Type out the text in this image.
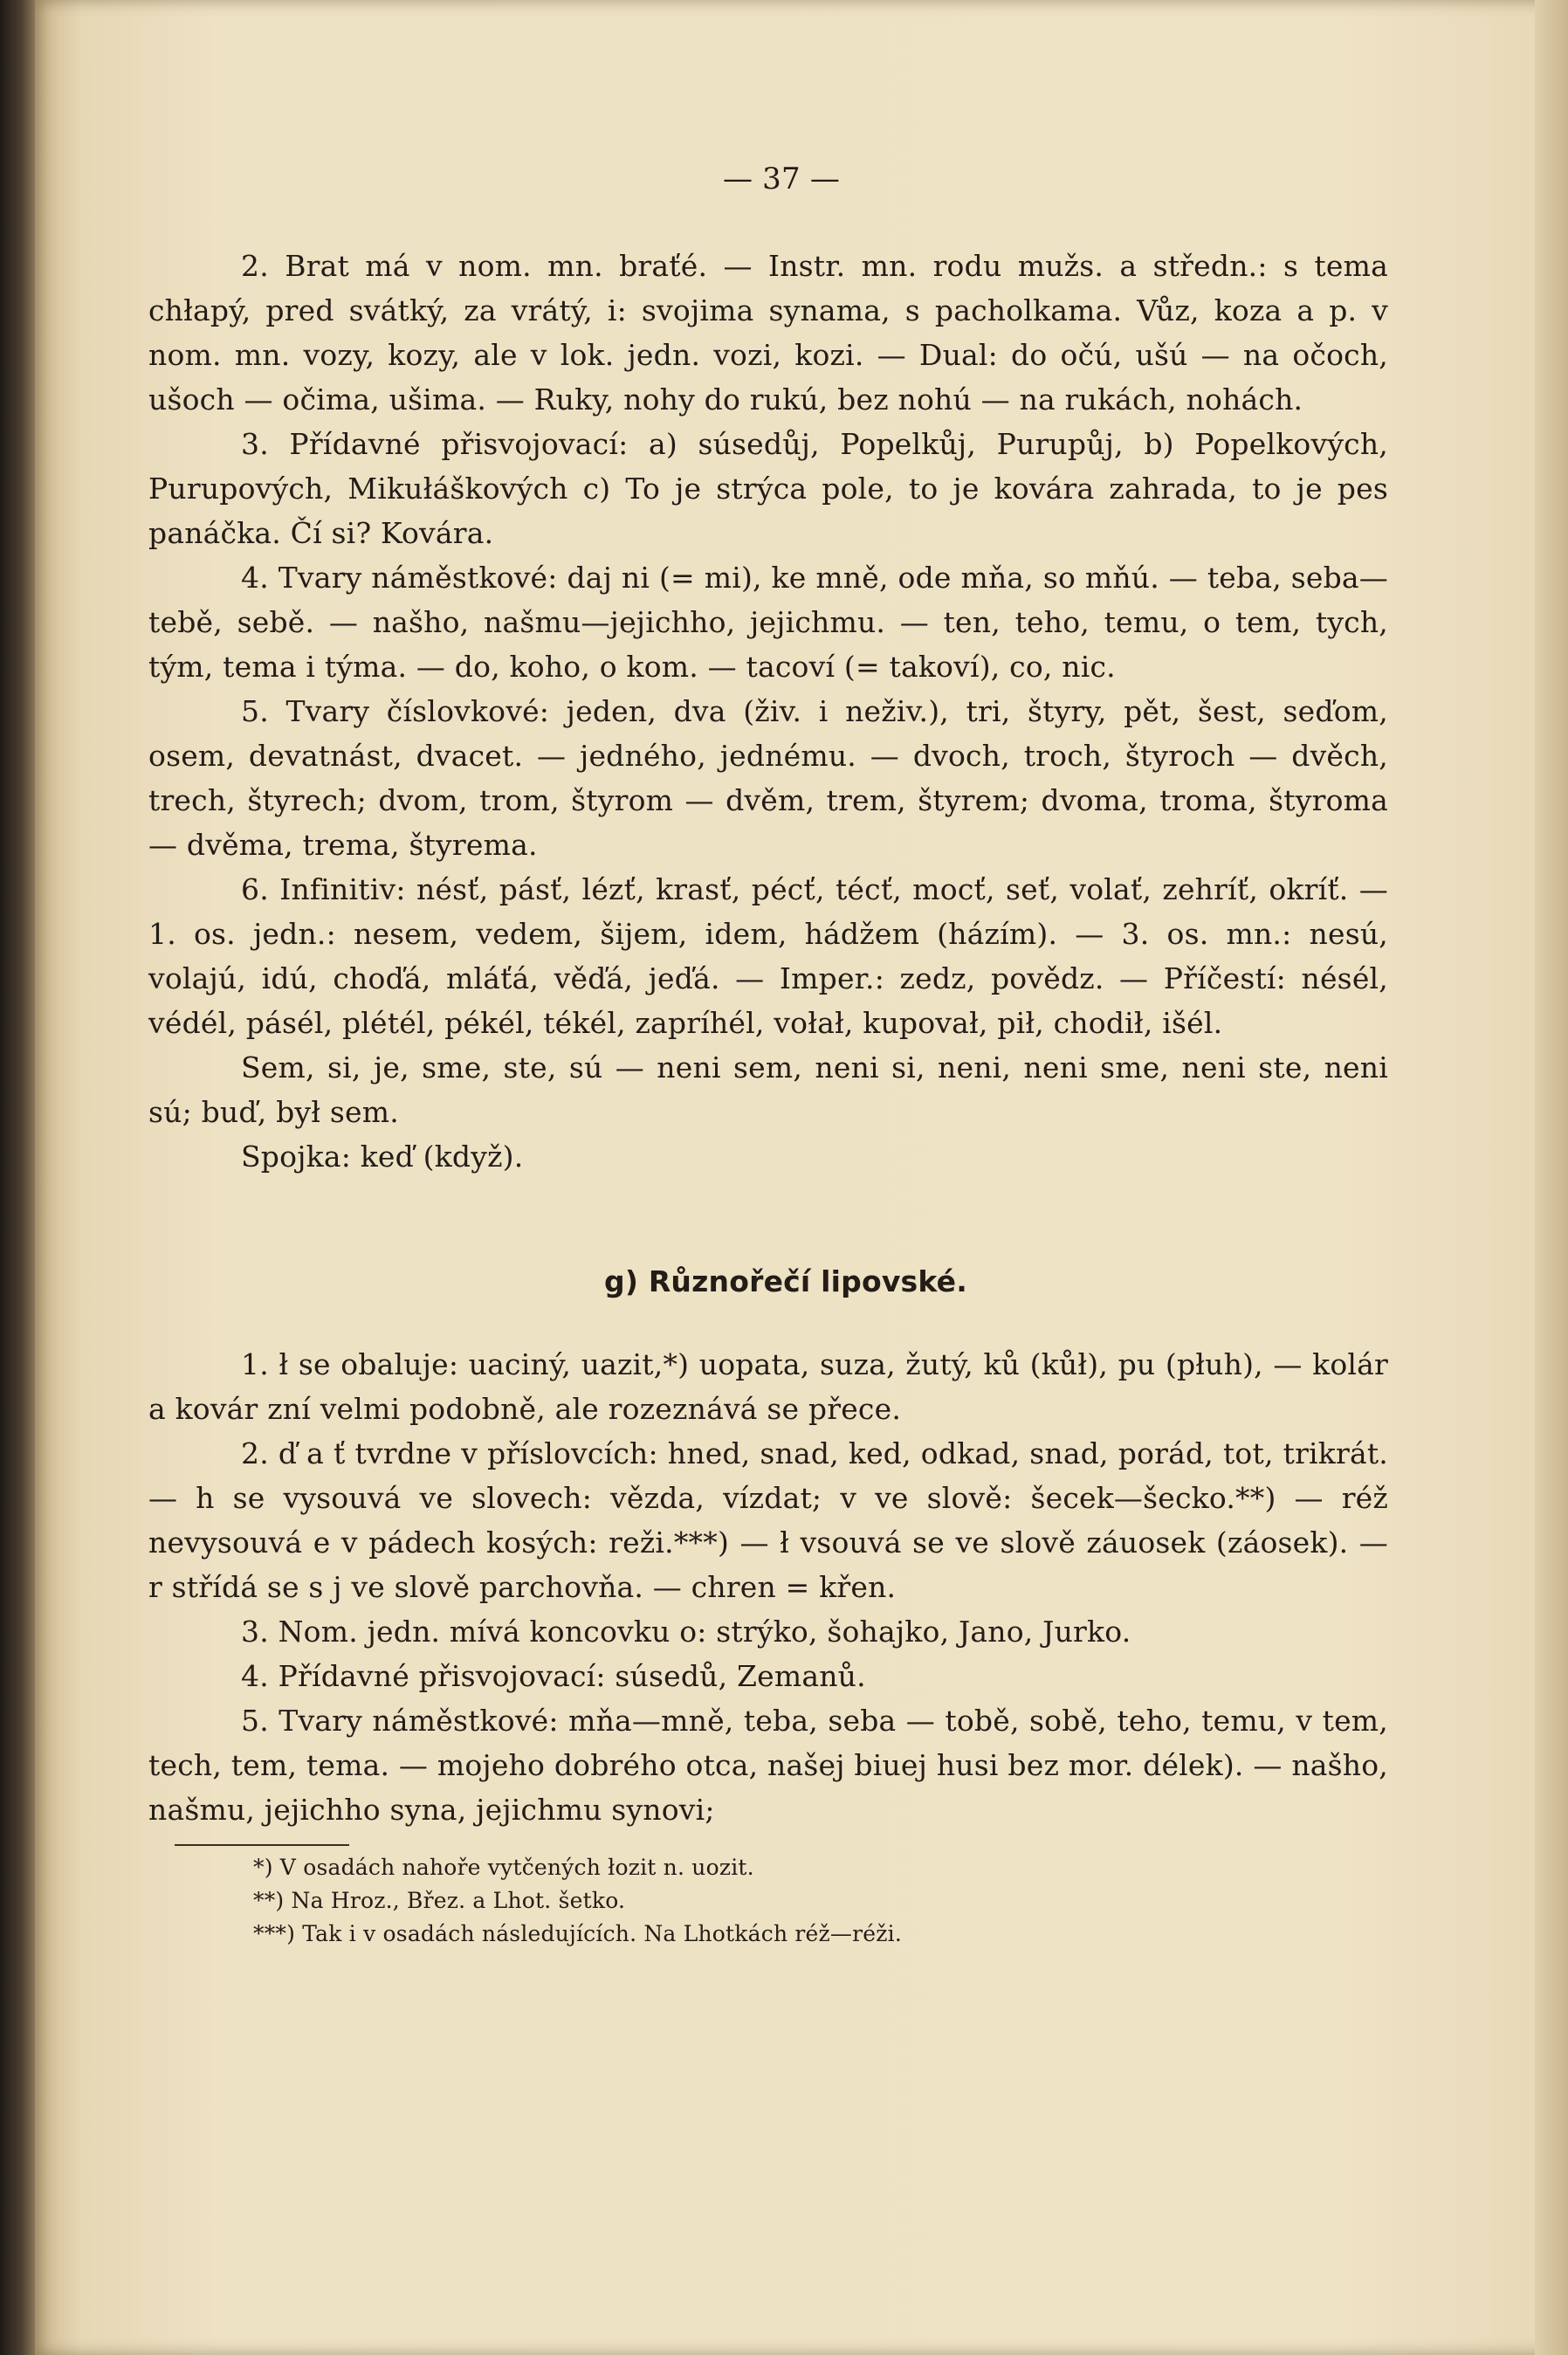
— 37 —

2. Brat má v nom. mn. braťé. — Instr. mn. rodu mužs. a středn.: s tema chłapý, pred svátký, za vrátý, i: svojima synama, s pacholkama. Vůz, koza a p. v nom. mn. vozy, kozy, ale v lok. jedn. vozi, kozi. — Dual: do očú, ušú — na očoch, ušoch — očima, ušima. — Ruky, nohy do rukú, bez nohú — na rukách, nohách.

3. Přídavné přisvojovací: a) súsedůj, Popelkůj, Purupůj, b) Popelkových, Purupových, Mikułáškových c) To je strýca pole, to je kovára zahrada, to je pes panáčka. Čí si? Kovára.

4. Tvary náměstkové: daj ni (= mi), ke mně, ode mňa, so mňú. — teba, seba—tebě, sebě. — našho, našmu—jejichho, jejichmu. — ten, teho, temu, o tem, tych, tým, tema i týma. — do, koho, o kom. — tacoví (= takoví), co, nic.

5. Tvary číslovkové: jeden, dva (živ. i neživ.), tri, štyry, pět, šest, seďom, osem, devatnást, dvacet. — jedného, jednému. — dvoch, troch, štyroch — dvěch, trech, štyrech; dvom, trom, štyrom — dvěm, trem, štyrem; dvoma, troma, štyroma — dvěma, trema, štyrema.

6. Infinitiv: nésť, pásť, lézť, krasť, pécť, técť, mocť, seť, volať, zehríť, okríť. — 1. os. jedn.: nesem, vedem, šijem, idem, hádžem (házím). — 3. os. mn.: nesú, volajú, idú, choďá, mláťá, věďá, jeďá. — Imper.: zedz, povědz. — Příčestí: nésél, védél, pásél, plétél, pékél, tékél, zapríhél, vołał, kupovał, pił, chodił, išél.

Sem, si, je, sme, ste, sú — neni sem, neni si, neni, neni sme, neni ste, neni sú; buď, był sem.

Spojka: keď (když).

g) Různořečí lipovské.

1. ł se obaluje: uaciný, uazit,*) uopata, suza, žutý, ků (kůł), pu (płuh), — kolár a kovár zní velmi podobně, ale rozeznává se přece.

2. ď a ť tvrdne v příslovcích: hned, snad, ked, odkad, snad, porád, tot, trikrát. — h se vysouvá ve slovech: vězda, vízdat; v ve slově: šecek—šecko.**) — réž nevysouvá e v pádech kosých: reži.***) — ł vsouvá se ve slově záuosek (záosek). — r střídá se s j ve slově parchovňa. — chren = křen.

3. Nom. jedn. mívá koncovku o: strýko, šohajko, Jano, Jurko.

4. Přídavné přisvojovací: súsedů, Zemanů.

5. Tvary náměstkové: mňa—mně, teba, seba — tobě, sobě, teho, temu, v tem, tech, tem, tema. — mojeho dobrého otca, našej biuej husi bez mor. délek). — našho, našmu, jejichho syna, jejichmu synovi;

*) V osadách nahoře vytčených łozit n. uozit.

**) Na Hroz., Břez. a Lhot. šetko.

***) Tak i v osadách následujících. Na Lhotkách réž—réži.
